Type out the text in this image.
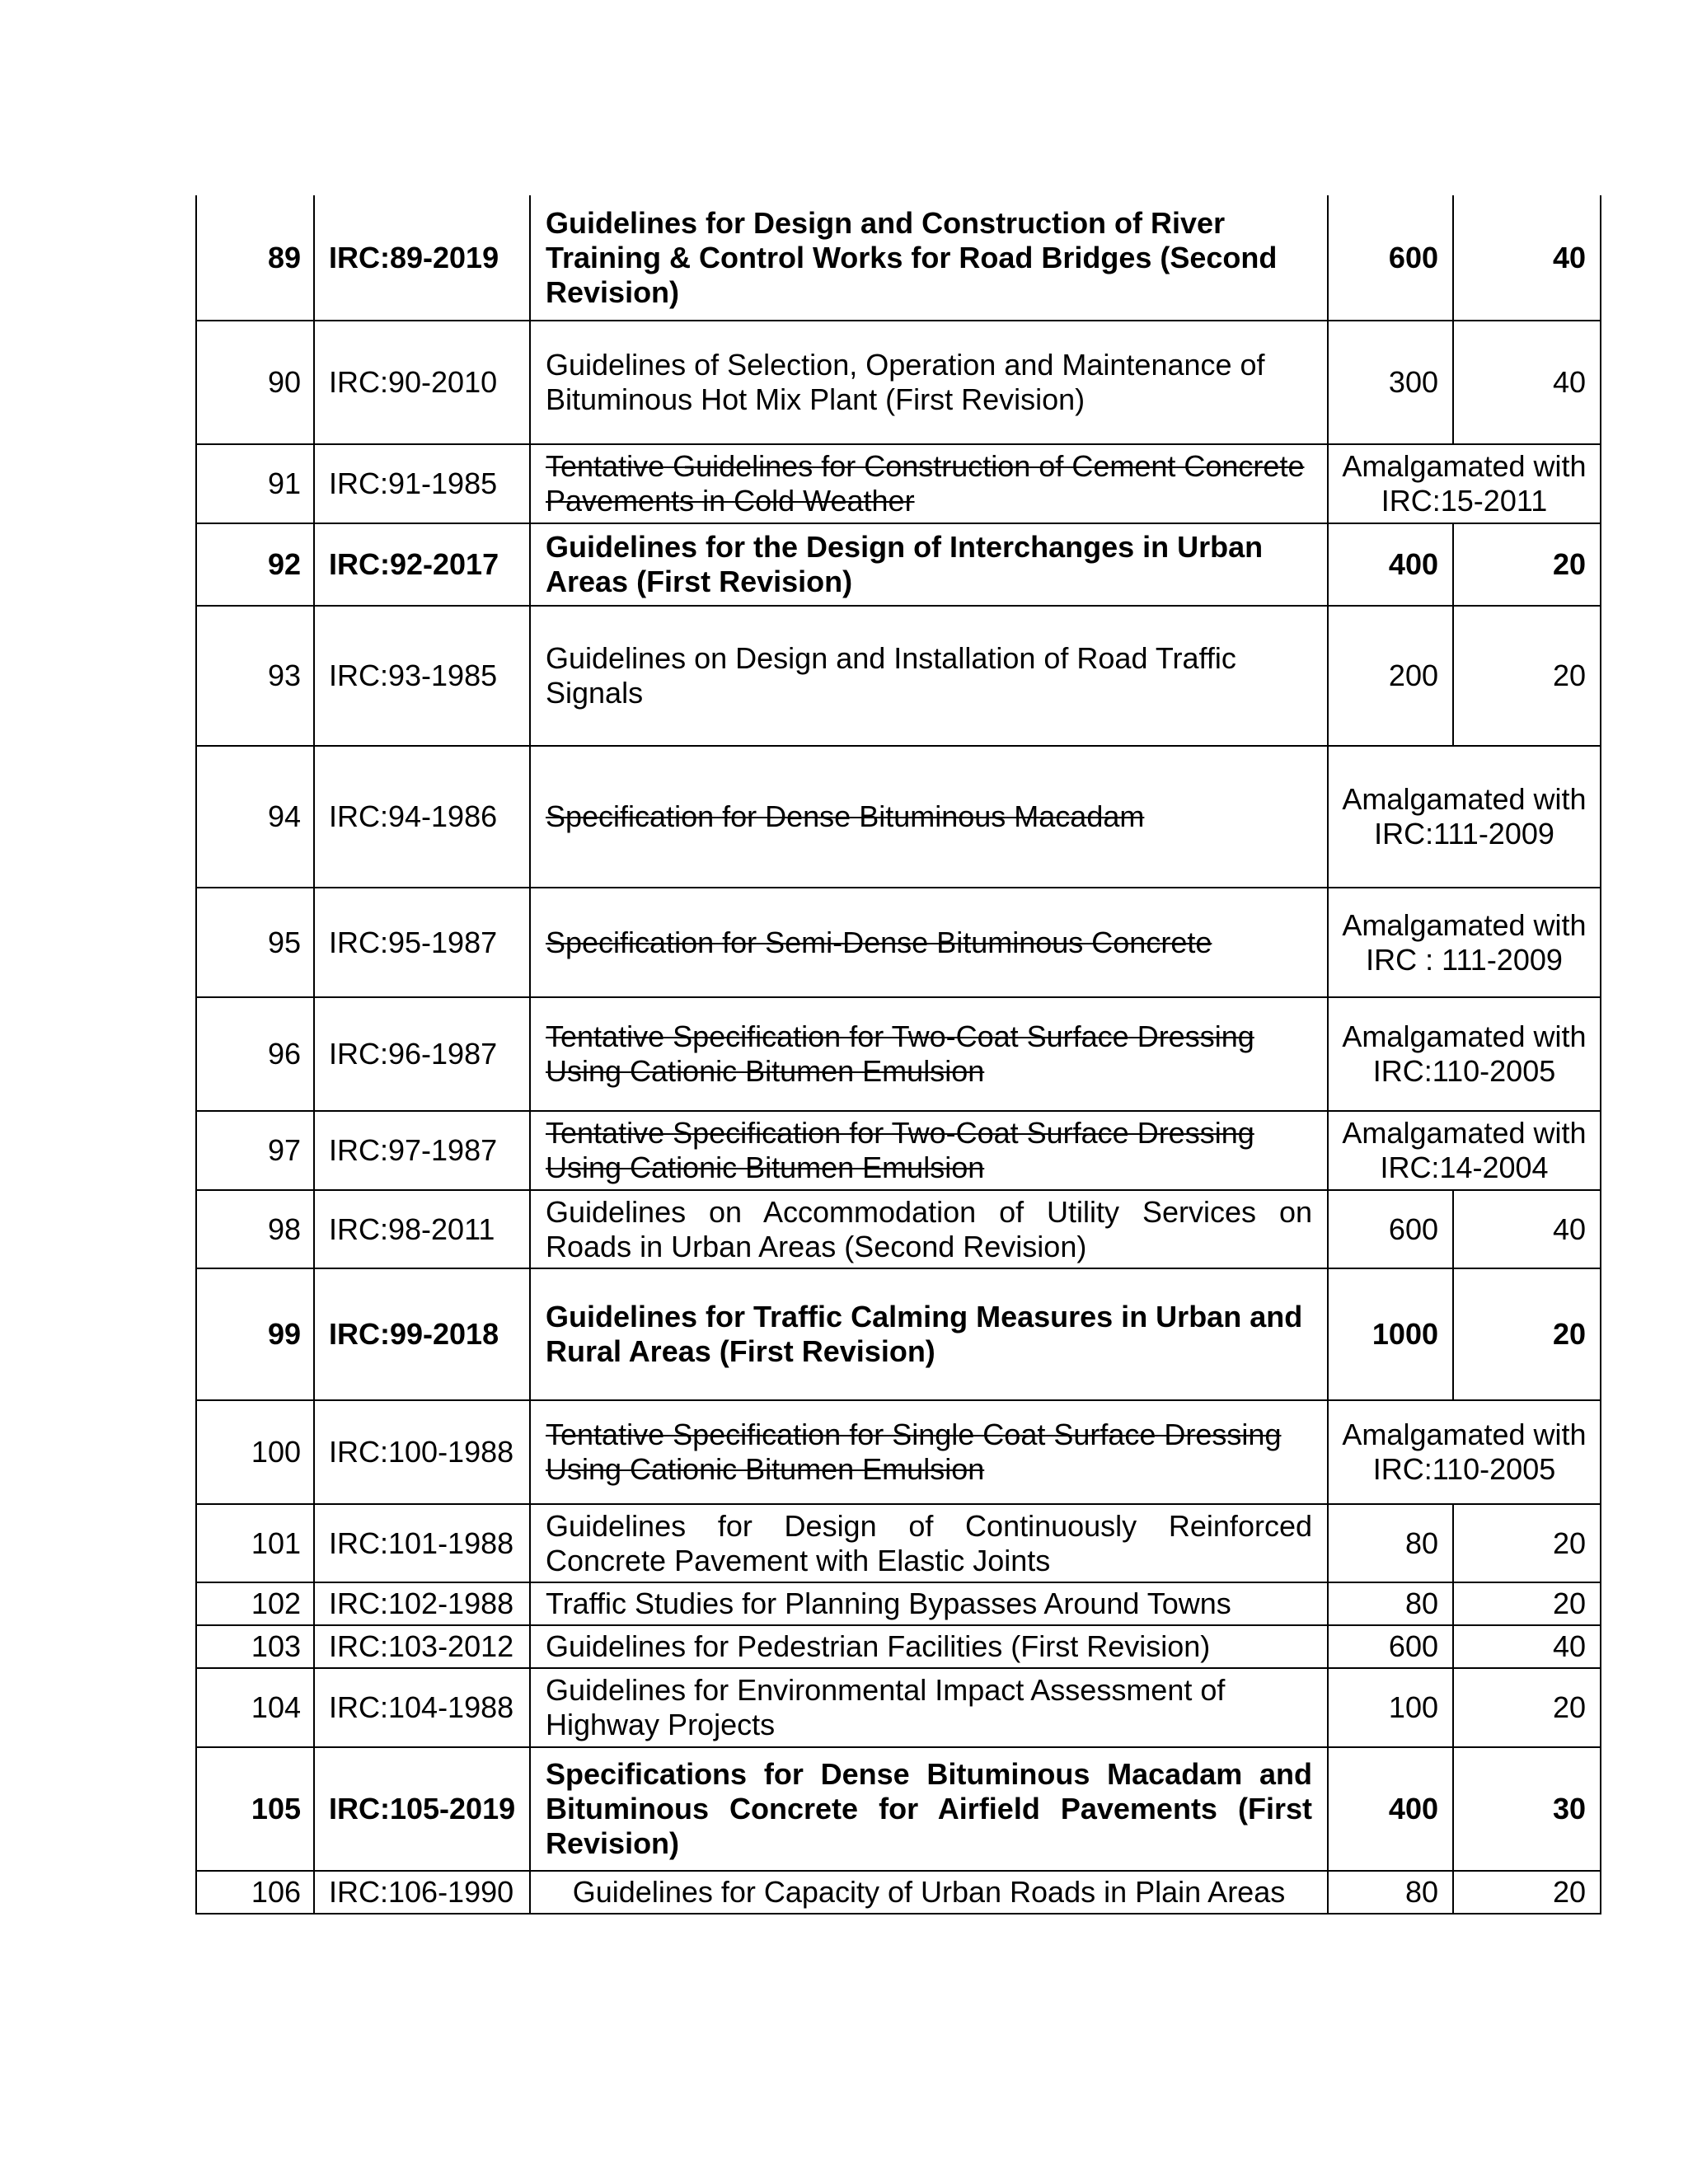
89	IRC:89-2019	Guidelines for Design and Construction of River Training & Control Works for Road Bridges (Second Revision)	600	40
90	IRC:90-2010	Guidelines of Selection, Operation and Maintenance of Bituminous Hot Mix Plant (First Revision)	300	40
91	IRC:91-1985	Tentative Guidelines for Construction of Cement Concrete Pavements in Cold Weather	Amalgamated with IRC:15-2011	
92	IRC:92-2017	Guidelines for the Design of Interchanges in Urban Areas (First Revision)	400	20
93	IRC:93-1985	Guidelines on Design and Installation of Road Traffic Signals	200	20
94	IRC:94-1986	Specification for Dense Bituminous Macadam	Amalgamated with IRC:111-2009	
95	IRC:95-1987	Specification for Semi-Dense Bituminous Concrete	Amalgamated with IRC : 111-2009	
96	IRC:96-1987	Tentative Specification for Two-Coat Surface Dressing Using Cationic Bitumen Emulsion	Amalgamated with IRC:110-2005	
97	IRC:97-1987	Tentative Specification for Two-Coat Surface Dressing Using Cationic Bitumen Emulsion	Amalgamated with IRC:14-2004	
98	IRC:98-2011	Guidelines on Accommodation of Utility Services on Roads in Urban Areas (Second Revision)	600	40
99	IRC:99-2018	Guidelines for Traffic Calming Measures in Urban and Rural Areas (First Revision)	1000	20
100	IRC:100-1988	Tentative Specification for Single Coat Surface Dressing Using Cationic Bitumen Emulsion	Amalgamated with IRC:110-2005	
101	IRC:101-1988	Guidelines for Design of Continuously Reinforced Concrete Pavement with Elastic Joints	80	20
102	IRC:102-1988	Traffic Studies for Planning Bypasses Around Towns	80	20
103	IRC:103-2012	Guidelines for Pedestrian Facilities (First Revision)	600	40
104	IRC:104-1988	Guidelines for Environmental Impact Assessment of Highway Projects	100	20
105	IRC:105-2019	Specifications for Dense Bituminous Macadam and Bituminous Concrete for Airfield Pavements (First Revision)	400	30
106	IRC:106-1990	Guidelines for Capacity of Urban Roads in Plain Areas	80	20
